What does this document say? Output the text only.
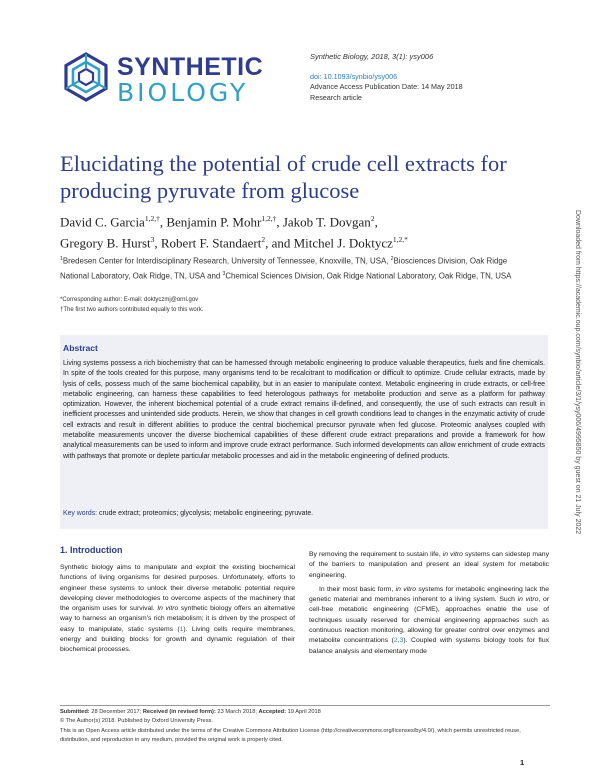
SYNTHETIC
BIOLOGY
Synthetic Biology, 2018, 3(1): ysy006
doi: 10.1093/synbio/ysy006
Advance Access Publication Date: 14 May 2018
Research article
Elucidating the potential of crude cell extracts for producing pyruvate from glucose
David C. Garcia$^{1,2,\dagger}$, Benjamin P. Mohr$^{1,2,\dagger}$, Jakob T. Dovgan$^2$,
Gregory B. Hurst$^3$, Robert F. Standaert$^2$, and Mitchel J. Doktycz$^{1,2,*}$
$^1$Bredesen Center for Interdisciplinary Research, University of Tennessee, Knoxville, TN, USA, $^2$Biosciences Division, Oak Ridge National Laboratory, Oak Ridge, TN, USA and $^3$Chemical Sciences Division, Oak Ridge National Laboratory, Oak Ridge, TN, USA
*Corresponding author: E-mail: doktyczmj@ornl.gov
†The first two authors contributed equally to this work.
Abstract
Living systems possess a rich biochemistry that can be harnessed through metabolic engineering to produce valuable therapeutics, fuels and fine chemicals. In spite of the tools created for this purpose, many organisms tend to be recalcitrant to modification or difficult to optimize. Crude cellular extracts, made by lysis of cells, possess much of the same biochemical capability, but in an easier to manipulate context. Metabolic engineering in crude extracts, or cell-free metabolic engineering, can harness these capabilities to feed heterologous pathways for metabolite production and serve as a platform for pathway optimization. However, the inherent biochemical potential of a crude extract remains ill-defined, and consequently, the use of such extracts can result in inefficient processes and unintended side products. Herein, we show that changes in cell growth conditions lead to changes in the enzymatic activity of crude cell extracts and result in different abilities to produce the central biochemical precursor pyruvate when fed glucose. Proteomic analyses coupled with metabolite measurements uncover the diverse biochemical capabilities of these different crude extract preparations and provide a framework for how analytical measurements can be used to inform and improve crude extract performance. Such informed developments can allow enrichment of crude extracts with pathways that promote or deplete particular metabolic processes and aid in the metabolic engineering of defined products.
Key words: crude extract; proteomics; glycolysis; metabolic engineering; pyruvate.	Downloaded from https://academic.oup.com/synbio/article/3/1/ysy006/4995850 by guest on 21 July 2022
1. Introduction

Synthetic biology aims to manipulate and exploit the existing biochemical functions of living organisms for desired purposes. Unfortunately, efforts to engineer these systems to unlock their diverse metabolic potential require developing clever methodologies to overcome aspects of the machinery that the organism uses for survival. In vitro synthetic biology offers an alternative way to harness an organism's rich metabolism; it is driven by the prospect of easy to manipulate, static systems (1). Living cells require membranes, energy and building blocks for growth and dynamic regulation of their biochemical processes.

By removing the requirement to sustain life, in vitro systems can sidestep many of the barriers to manipulation and present an ideal system for metabolic engineering.

In their most basic form, in vitro systems for metabolic engineering lack the genetic material and membranes inherent to a living system. Such in vitro, or cell-free metabolic engineering (CFME), approaches enable the use of techniques usually reserved for chemical engineering approaches such as continuous reaction monitoring, allowing for greater control over enzymes and metabolite concentrations (2,3). Coupled with systems biology tools for flux balance analysis and elementary mode

Submitted: 28 December 2017; Received (in revised form): 23 March 2018; Accepted: 19 April 2018
© The Author(s) 2018. Published by Oxford University Press.
This is an Open Access article distributed under the terms of the Creative Commons Attribution License (http://creativecommons.org/licenses/by/4.0/), which permits unrestricted reuse, distribution, and reproduction in any medium, provided the original work is properly cited.
1
